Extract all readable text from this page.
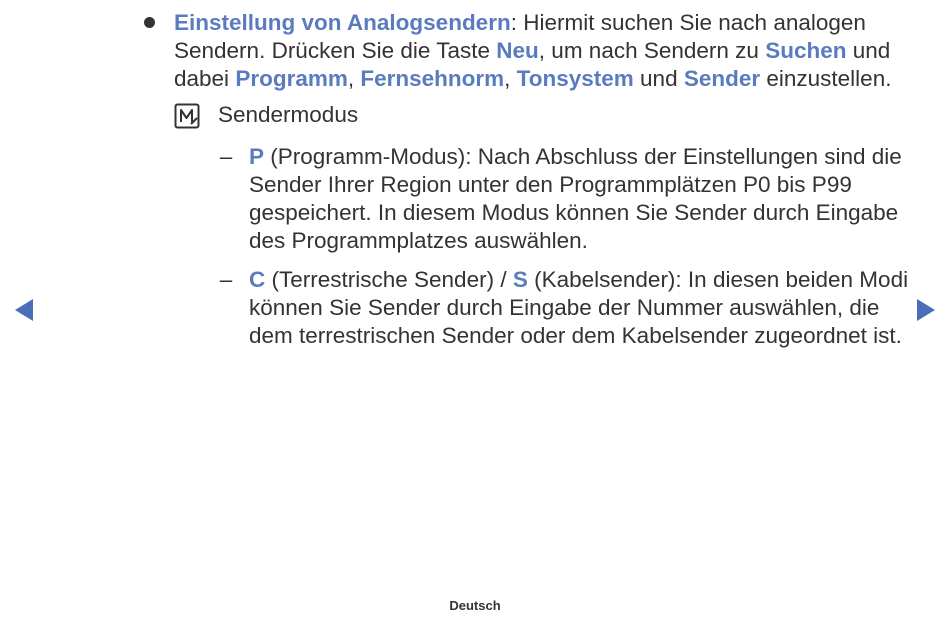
Einstellung von Analogsendern: Hiermit suchen Sie nach analogen Sendern. Drücken Sie die Taste Neu, um nach Sendern zu Suchen und dabei Programm, Fernsehnorm, Tonsystem und Sender einzustellen.
Sendermodus
– P (Programm-Modus): Nach Abschluss der Einstellungen sind die Sender Ihrer Region unter den Programmplätzen P0 bis P99 gespeichert. In diesem Modus können Sie Sender durch Eingabe des Programmplatzes auswählen.
– C (Terrestrische Sender) / S (Kabelsender): In diesen beiden Modi können Sie Sender durch Eingabe der Nummer auswählen, die dem terrestrischen Sender oder dem Kabelsender zugeordnet ist.
Deutsch
